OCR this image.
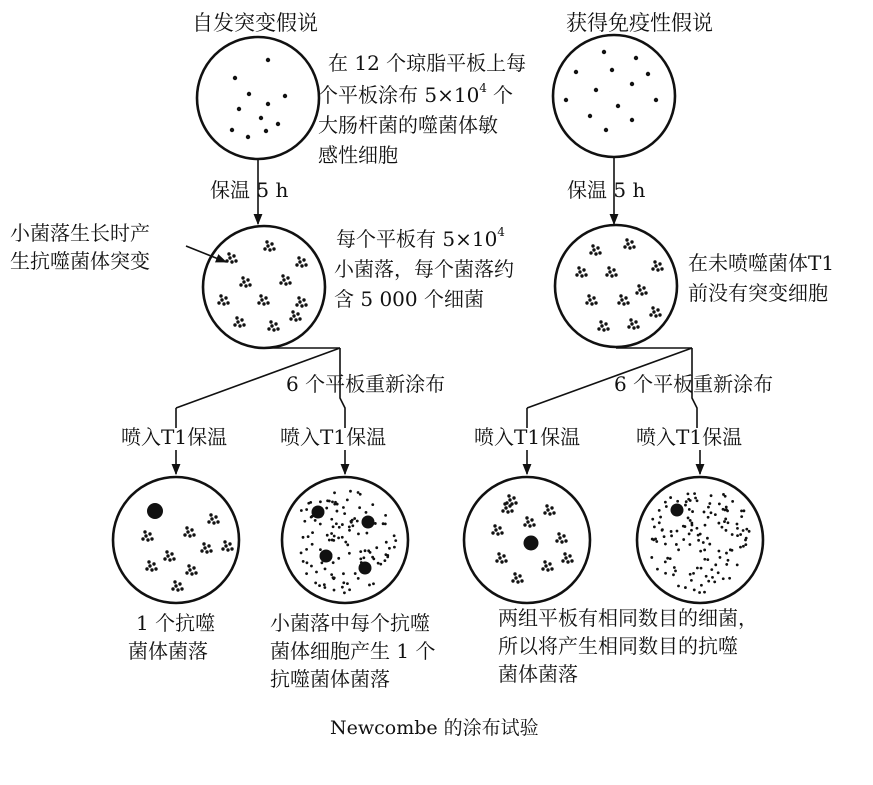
自发突变假说	获得免疫性假说
在 12 个琼脂平板上每
个平板涂布 $5\times 10^4$ 个
大肠杆菌的噬菌体敏
感性细胞
保温 5 h	保温 5 h
小菌落生长时产
生抗噬菌体突变
每个平板有 $5\times 10^4$
小菌落，每个菌落约
含 5 000 个细菌
在未喷噬菌体T1
前没有突变细胞
6 个平板重新涂布	6 个平板重新涂布
喷入T1保温	喷入T1保温	喷入T1保温	喷入T1保温
1 个抗噬
菌体菌落
小菌落中每个抗噬
菌体细胞产生 1 个
抗噬菌体菌落
两组平板有相同数目的细菌，
所以将产生相同数目的抗噬
菌体菌落
Newcombe 的涂布试验
